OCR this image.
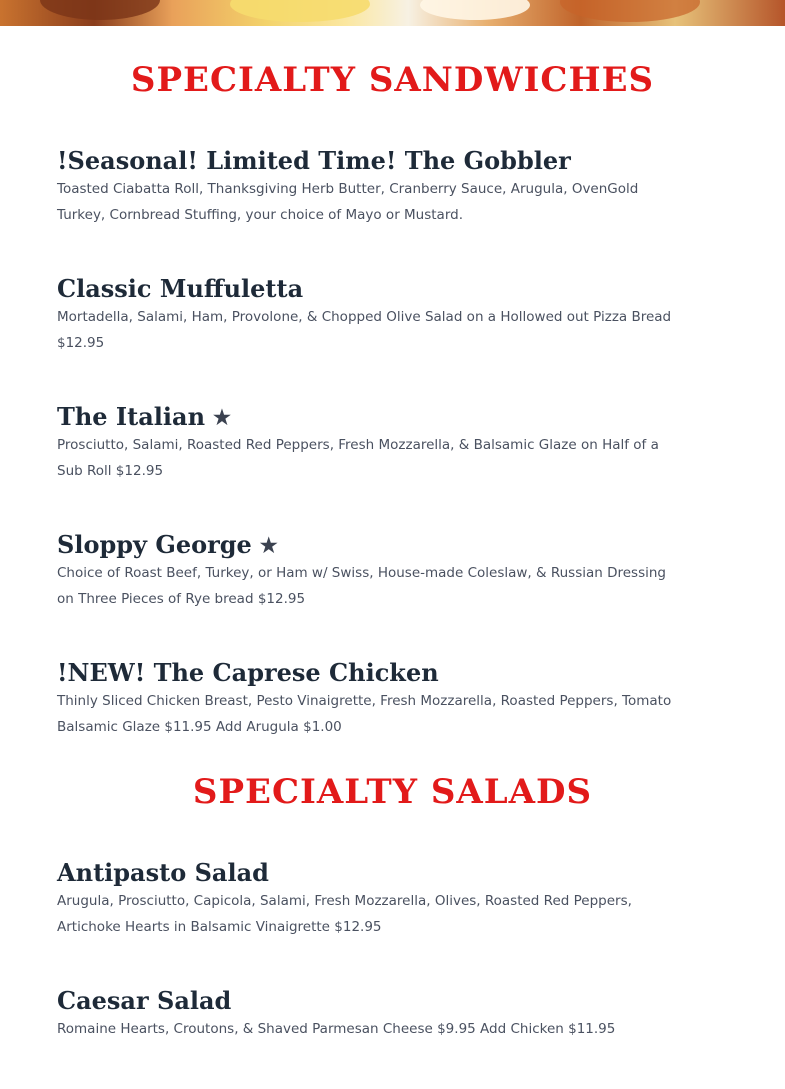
SPECIALTY SANDWICHES
!Seasonal! Limited Time! The Gobbler

Toasted Ciabatta Roll, Thanksgiving Herb Butter, Cranberry Sauce, Arugula, OvenGold Turkey, Cornbread Stuffing, your choice of Mayo or Mustard.

Classic Muffuletta

Mortadella, Salami, Ham, Provolone, & Chopped Olive Salad on a Hollowed out Pizza Bread $12.95

The Italian ★

Prosciutto, Salami, Roasted Red Peppers, Fresh Mozzarella, & Balsamic Glaze on Half of a Sub Roll $12.95

Sloppy George ★

Choice of Roast Beef, Turkey, or Ham w/ Swiss, House-made Coleslaw, & Russian Dressing on Three Pieces of Rye bread $12.95

!NEW! The Caprese Chicken

Thinly Sliced Chicken Breast, Pesto Vinaigrette, Fresh Mozzarella, Roasted Peppers, Tomato Balsamic Glaze $11.95 Add Arugula $1.00

SPECIALTY SALADS
Antipasto Salad

Arugula, Prosciutto, Capicola, Salami, Fresh Mozzarella, Olives, Roasted Red Peppers, Artichoke Hearts in Balsamic Vinaigrette $12.95

Caesar Salad

Romaine Hearts, Croutons, & Shaved Parmesan Cheese $9.95 Add Chicken $11.95
